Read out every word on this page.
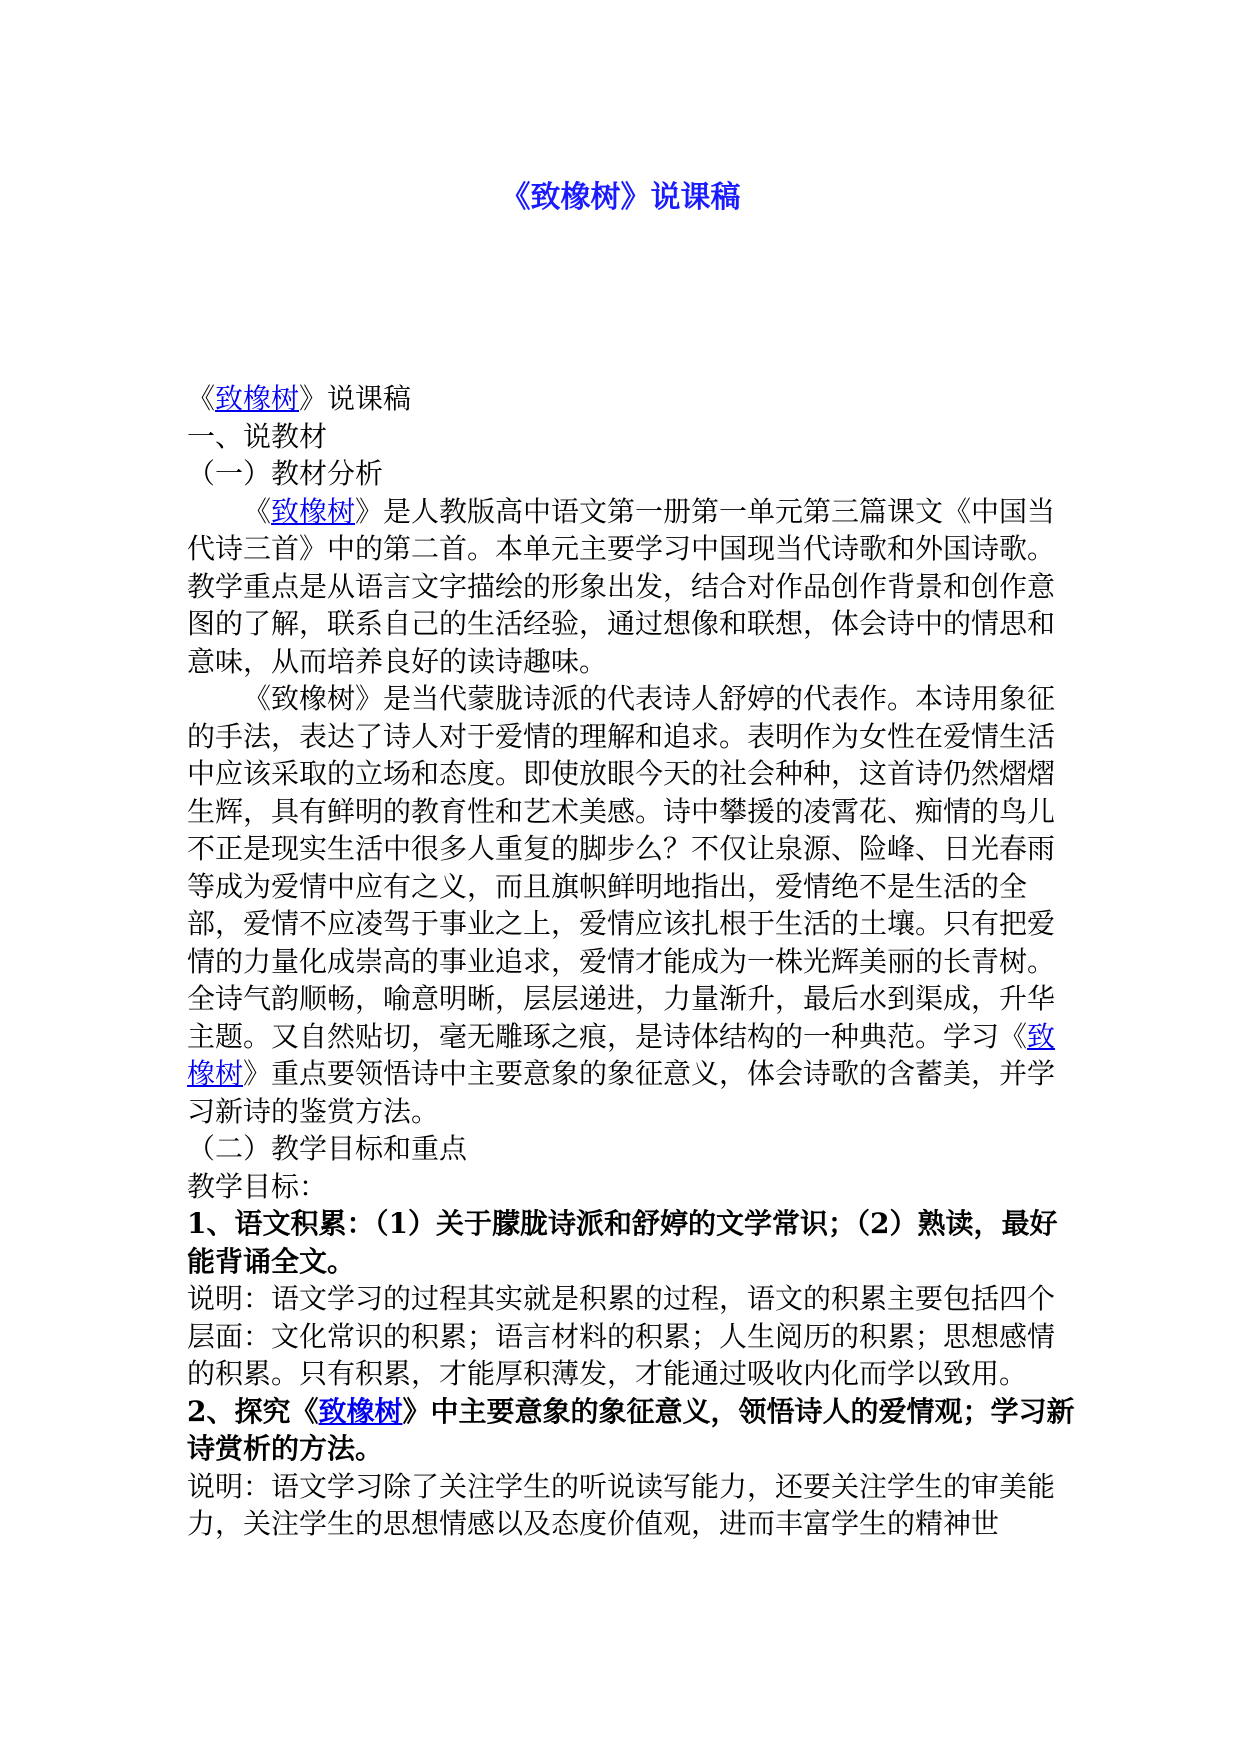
《致橡树》说课稿

《致橡树》说课稿

一、说教材

（一）教材分析

《致橡树》是人教版高中语文第一册第一单元第三篇课文《中国当代诗三首》中的第二首。本单元主要学习中国现当代诗歌和外国诗歌。教学重点是从语言文字描绘的形象出发，结合对作品创作背景和创作意图的了解，联系自己的生活经验，通过想像和联想，体会诗中的情思和意味，从而培养良好的读诗趣味。

《致橡树》是当代蒙胧诗派的代表诗人舒婷的代表作。本诗用象征的手法，表达了诗人对于爱情的理解和追求。表明作为女性在爱情生活中应该采取的立场和态度。即使放眼今天的社会种种，这首诗仍然熠熠生辉，具有鲜明的教育性和艺术美感。诗中攀援的凌霄花、痴情的鸟儿不正是现实生活中很多人重复的脚步么？不仅让泉源、险峰、日光春雨等成为爱情中应有之义，而且旗帜鲜明地指出，爱情绝不是生活的全部，爱情不应凌驾于事业之上，爱情应该扎根于生活的土壤。只有把爱情的力量化成崇高的事业追求，爱情才能成为一株光辉美丽的长青树。全诗气韵顺畅，喻意明晰，层层递进，力量渐升，最后水到渠成，升华主题。又自然贴切，毫无雕琢之痕，是诗体结构的一种典范。学习《致橡树》重点要领悟诗中主要意象的象征意义，体会诗歌的含蓄美，并学习新诗的鉴赏方法。

（二）教学目标和重点

教学目标：

1、语文积累：（1）关于朦胧诗派和舒婷的文学常识；（2）熟读，最好能背诵全文。

说明：语文学习的过程其实就是积累的过程，语文的积累主要包括四个层面：文化常识的积累；语言材料的积累；人生阅历的积累；思想感情的积累。只有积累，才能厚积薄发，才能通过吸收内化而学以致用。

2、探究《致橡树》中主要意象的象征意义，领悟诗人的爱情观；学习新诗赏析的方法。

说明：语文学习除了关注学生的听说读写能力，还要关注学生的审美能力，关注学生的思想情感以及态度价值观，进而丰富学生的精神世
